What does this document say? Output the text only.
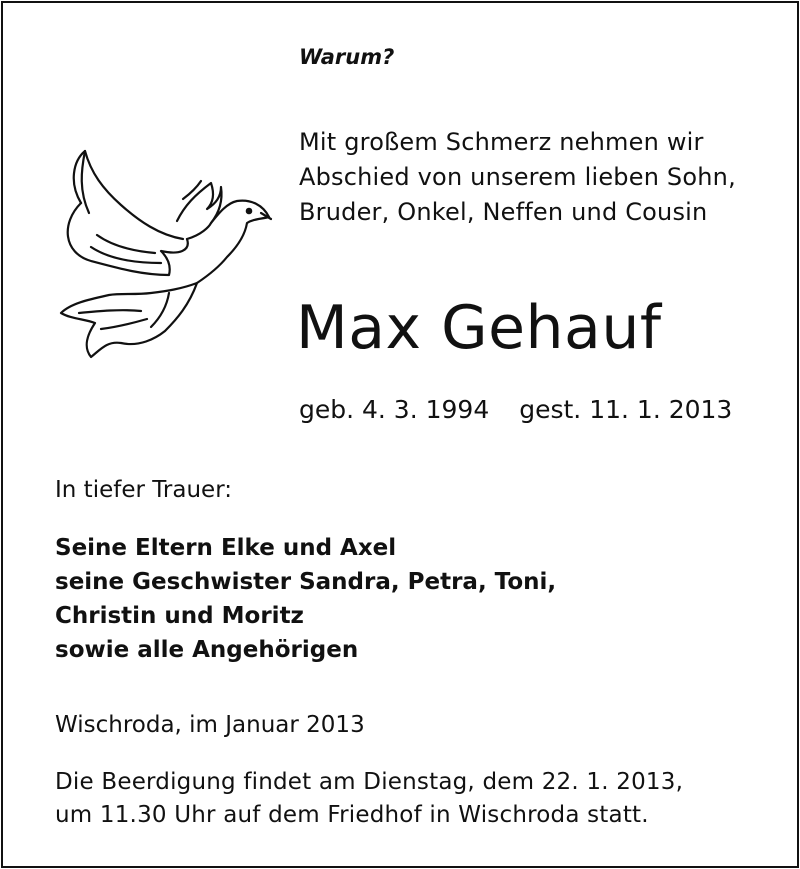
Warum?
Mit großem Schmerz nehmen wir
Abschied von unserem lieben Sohn,
Bruder, Onkel, Neffen und Cousin
Max Gehauf
geb. 4. 3. 1994 gest. 11. 1. 2013
In tiefer Trauer:
Seine Eltern Elke und Axel
seine Geschwister Sandra, Petra, Toni,
Christin und Moritz
sowie alle Angehörigen
Wischroda, im Januar 2013
Die Beerdigung findet am Dienstag, dem 22. 1. 2013,
um 11.30 Uhr auf dem Friedhof in Wischroda statt.
